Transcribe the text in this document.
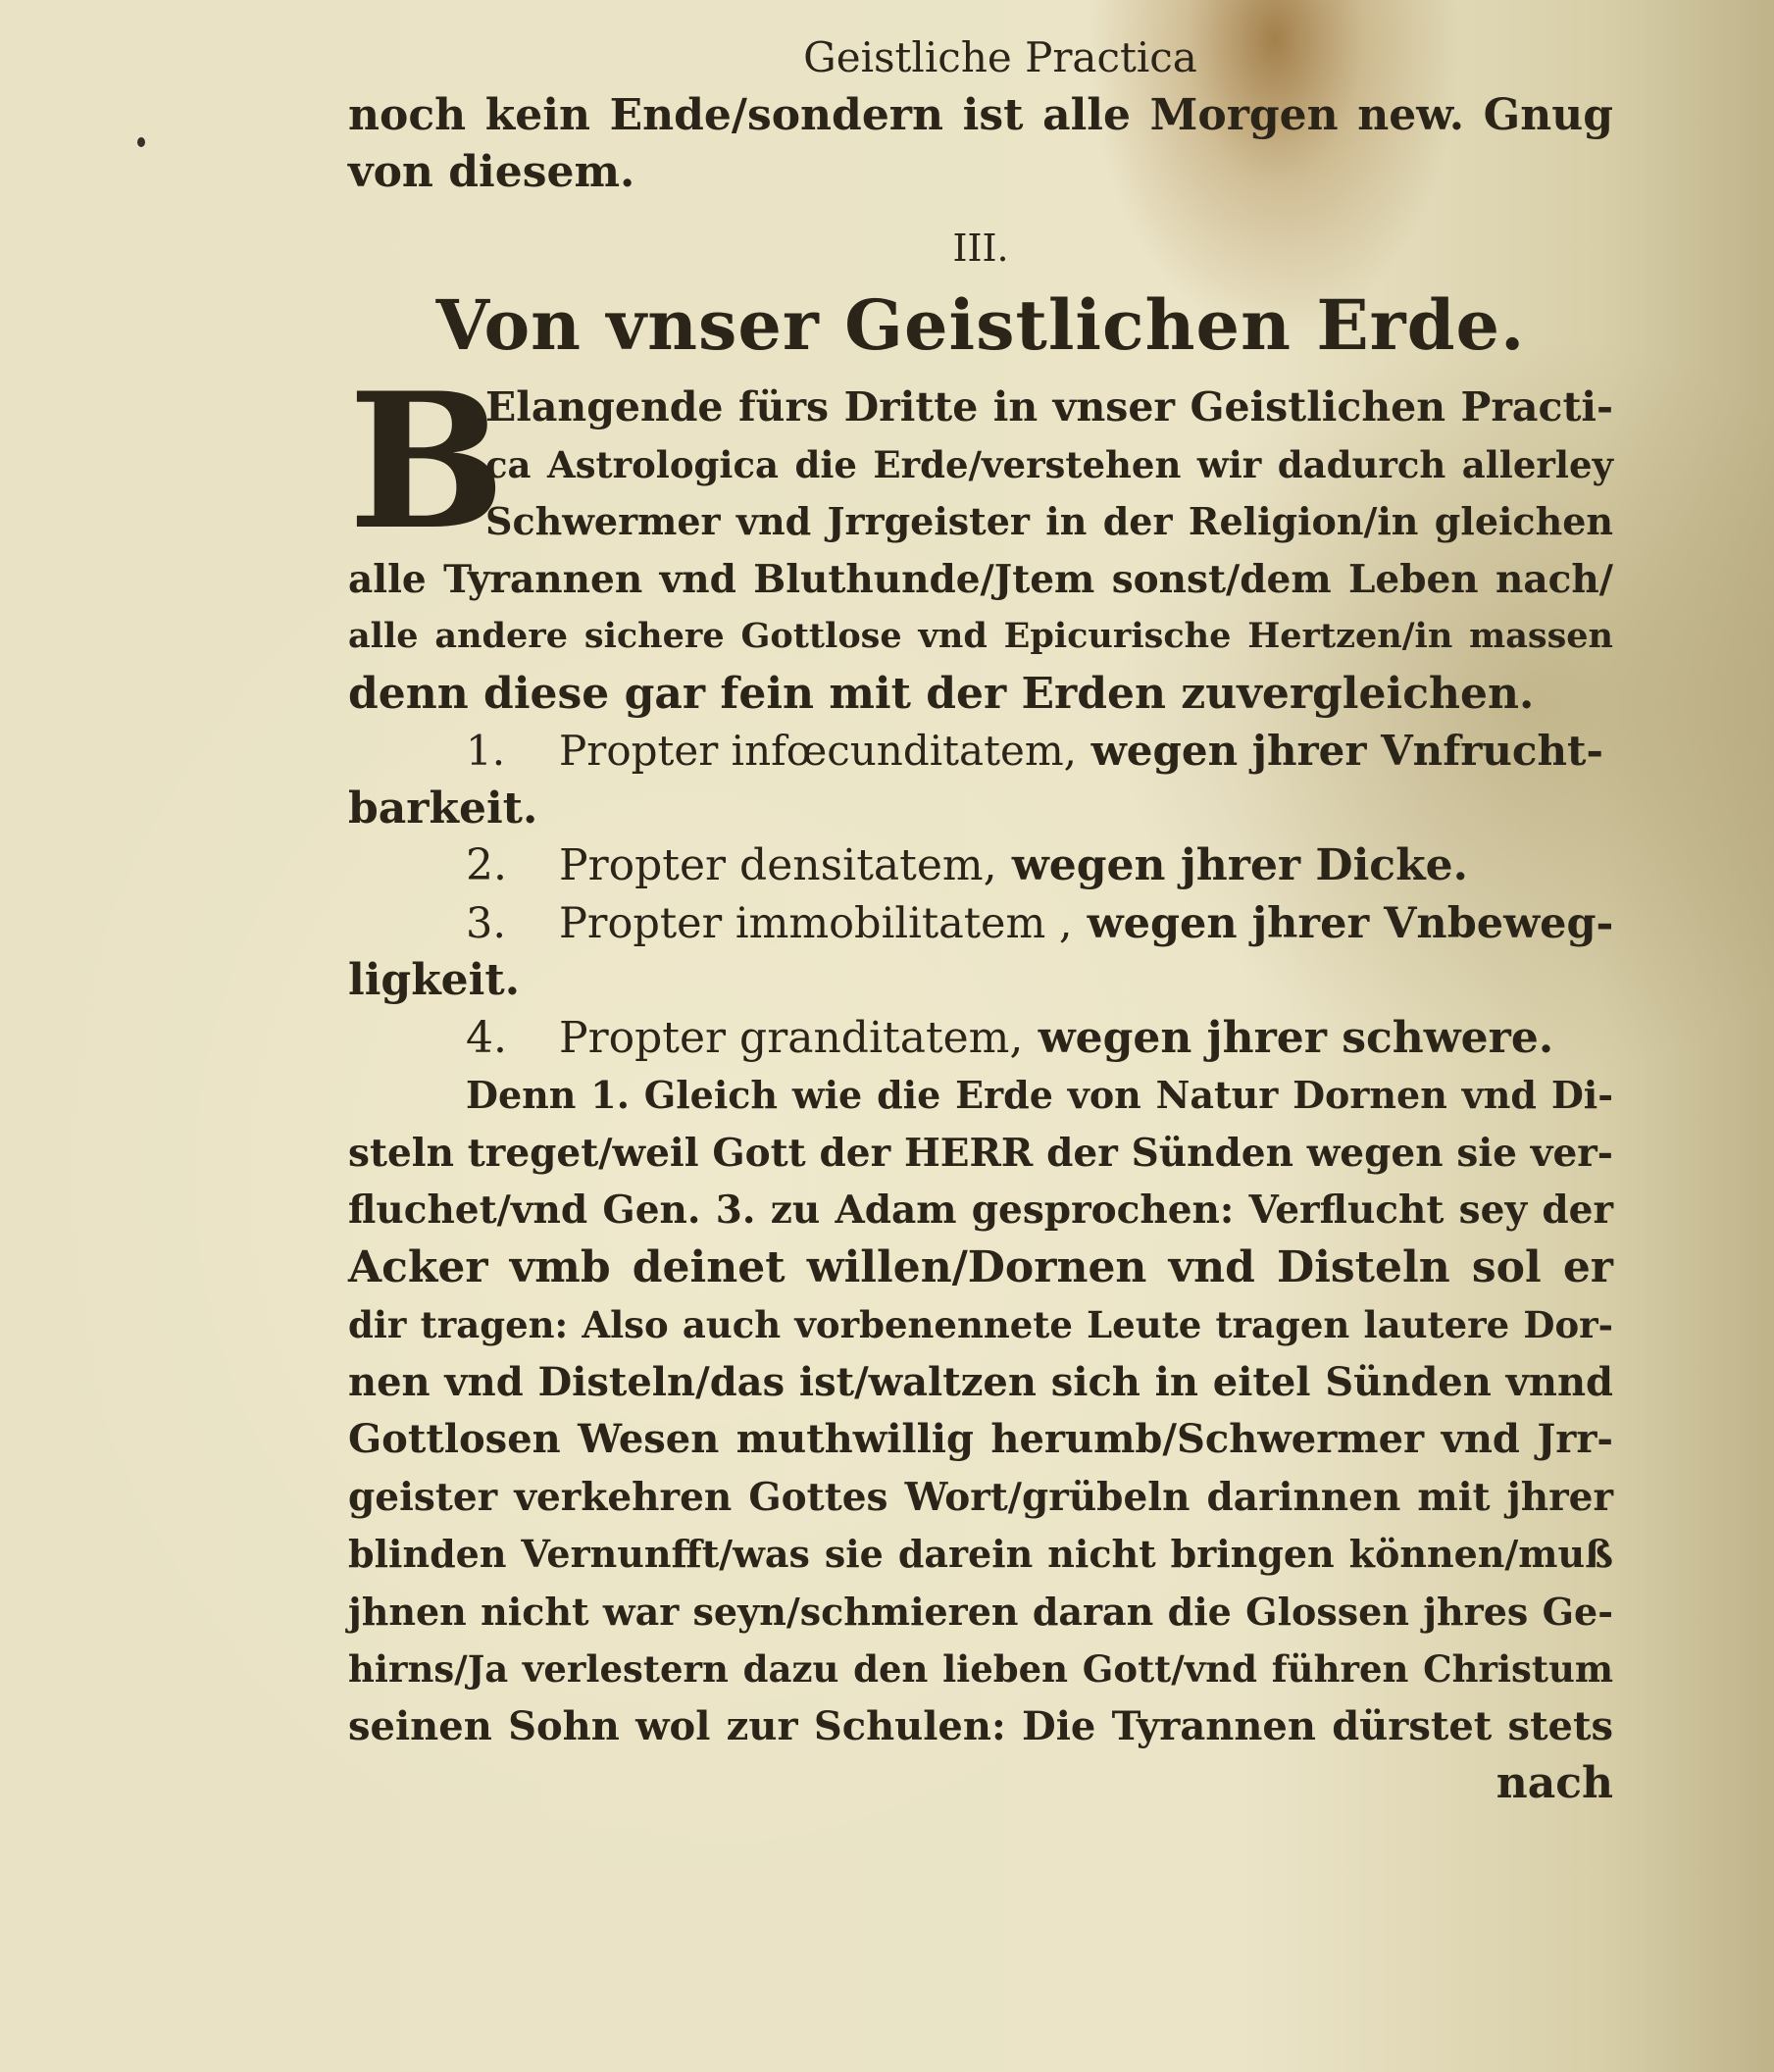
Geistliche Practica
noch kein Ende/sondern ist alle Morgen new. Gnug
von diesem.
III.
Von vnser Geistlichen Erde.
B
Elangende fürs Dritte in vnser Geistlichen Practi-
ca Astrologica die Erde/verstehen wir dadurch allerley
Schwermer vnd Jrrgeister in der Religion/in gleichen
alle Tyrannen vnd Bluthunde/Jtem sonst/dem Leben nach/
alle andere sichere Gottlose vnd Epicurische Hertzen/in massen
denn diese gar fein mit der Erden zuvergleichen.
1. Propter infœcunditatem, wegen jhrer Vnfrucht-
barkeit.
2. Propter densitatem, wegen jhrer Dicke.
3. Propter immobilitatem , wegen jhrer Vnbeweg-
ligkeit.
4. Propter granditatem, wegen jhrer schwere.
Denn 1. Gleich wie die Erde von Natur Dornen vnd Di-
steln treget/weil Gott der HERR der Sünden wegen sie ver-
fluchet/vnd Gen. 3. zu Adam gesprochen: Verflucht sey der
Acker vmb deinet willen/Dornen vnd Disteln sol er
dir tragen: Also auch vorbenennete Leute tragen lautere Dor-
nen vnd Disteln/das ist/waltzen sich in eitel Sünden vnnd
Gottlosen Wesen muthwillig herumb/Schwermer vnd Jrr-
geister verkehren Gottes Wort/grübeln darinnen mit jhrer
blinden Vernunfft/was sie darein nicht bringen können/muß
jhnen nicht war seyn/schmieren daran die Glossen jhres Ge-
hirns/Ja verlestern dazu den lieben Gott/vnd führen Christum
seinen Sohn wol zur Schulen: Die Tyrannen dürstet stets
nach
